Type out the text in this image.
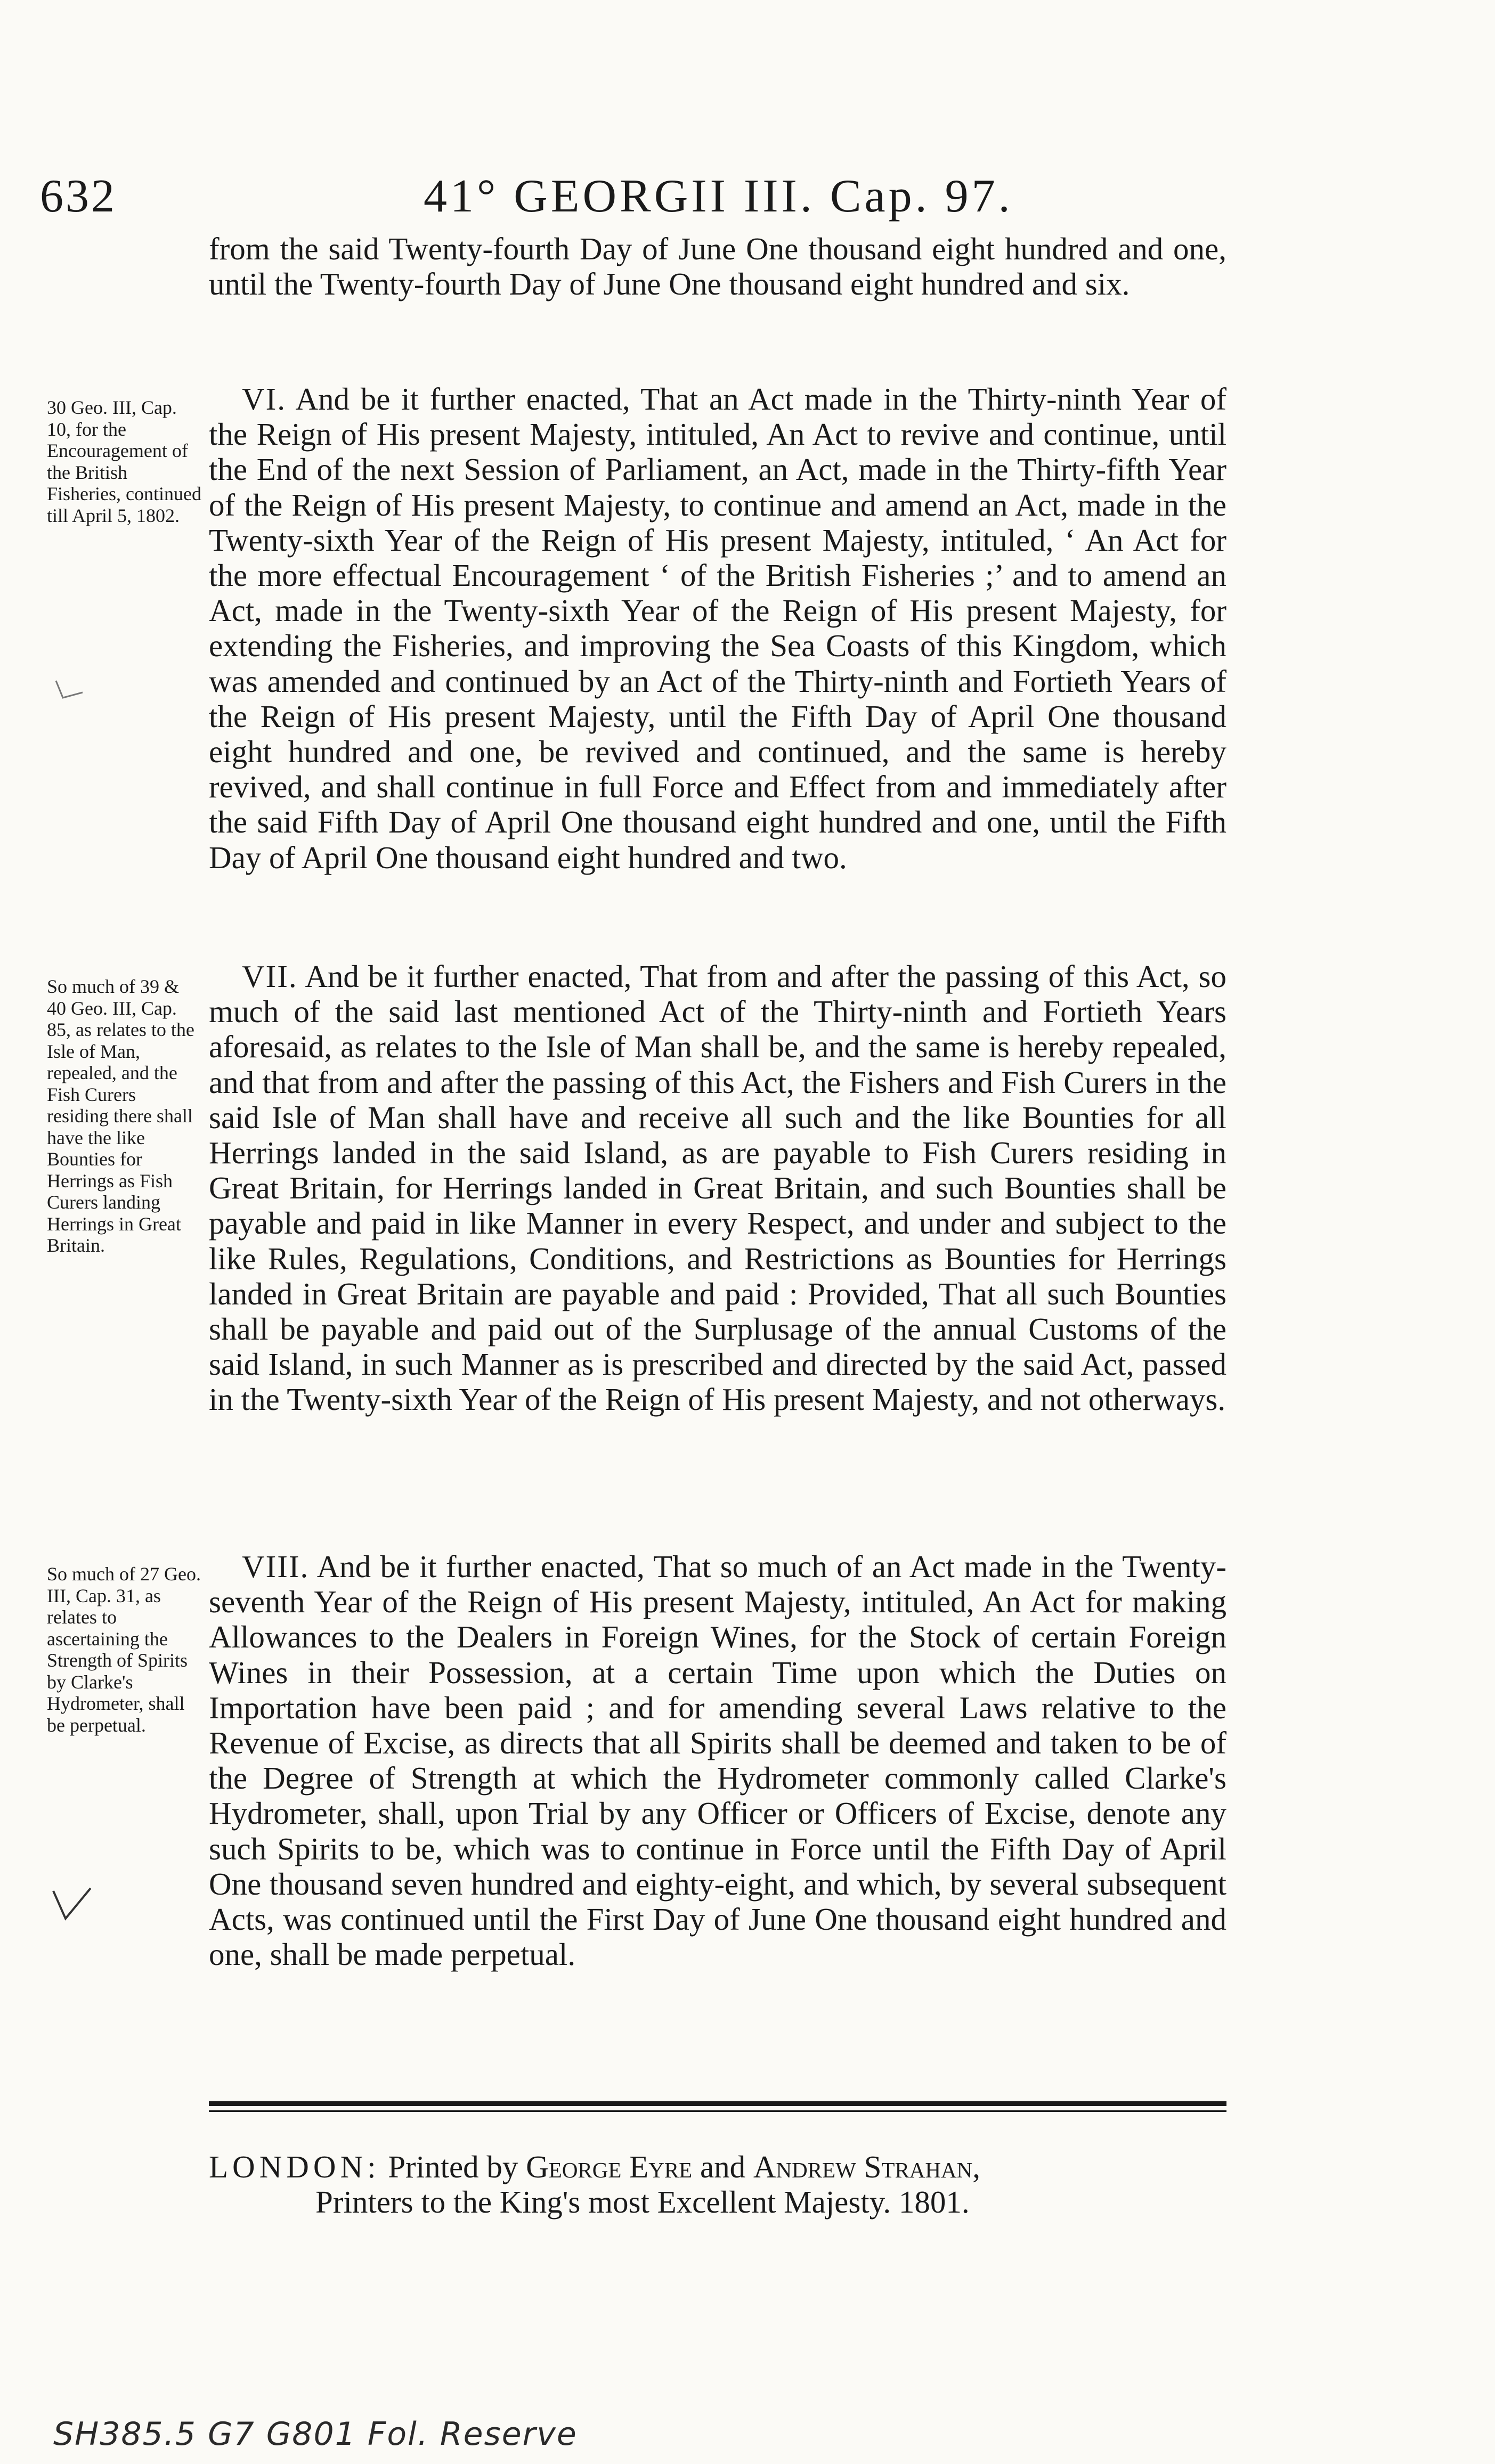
632	41° GEORGII III. Cap. 97.
from the said Twenty-fourth Day of June One thousand eight hundred and one, until the Twenty-fourth Day of June One thousand eight hundred and six.
30 Geo. III, Cap. 10, for the Encouragement of the British Fisheries, continued till April 5, 1802.
VI. And be it further enacted, That an Act made in the Thirty-ninth Year of the Reign of His present Majesty, intituled, An Act to revive and continue, until the End of the next Session of Parliament, an Act, made in the Thirty-fifth Year of the Reign of His present Majesty, to continue and amend an Act, made in the Twenty-sixth Year of the Reign of His present Majesty, intituled, ‘ An Act for the more effectual Encouragement ‘ of the British Fisheries ;’ and to amend an Act, made in the Twenty-sixth Year of the Reign of His present Majesty, for extending the Fisheries, and improving the Sea Coasts of this Kingdom, which was amended and continued by an Act of the Thirty-ninth and Fortieth Years of the Reign of His present Majesty, until the Fifth Day of April One thousand eight hundred and one, be revived and continued, and the same is hereby revived, and shall continue in full Force and Effect from and immediately after the said Fifth Day of April One thousand eight hundred and one, until the Fifth Day of April One thousand eight hundred and two.
So much of 39 & 40 Geo. III, Cap. 85, as relates to the Isle of Man, repealed, and the Fish Curers residing there shall have the like Bounties for Herrings as Fish Curers landing Herrings in Great Britain.
VII. And be it further enacted, That from and after the passing of this Act, so much of the said last mentioned Act of the Thirty-ninth and Fortieth Years aforesaid, as relates to the Isle of Man shall be, and the same is hereby repealed, and that from and after the passing of this Act, the Fishers and Fish Curers in the said Isle of Man shall have and receive all such and the like Bounties for all Herrings landed in the said Island, as are payable to Fish Curers residing in Great Britain, for Herrings landed in Great Britain, and such Bounties shall be payable and paid in like Manner in every Respect, and under and subject to the like Rules, Regulations, Conditions, and Restrictions as Bounties for Herrings landed in Great Britain are payable and paid : Provided, That all such Bounties shall be payable and paid out of the Surplusage of the annual Customs of the said Island, in such Manner as is prescribed and directed by the said Act, passed in the Twenty-sixth Year of the Reign of His present Majesty, and not otherways.
So much of 27 Geo. III, Cap. 31, as relates to ascertaining the Strength of Spirits by Clarke's Hydrometer, shall be perpetual.
VIII. And be it further enacted, That so much of an Act made in the Twenty-seventh Year of the Reign of His present Majesty, intituled, An Act for making Allowances to the Dealers in Foreign Wines, for the Stock of certain Foreign Wines in their Possession, at a certain Time upon which the Duties on Importation have been paid ; and for amending several Laws relative to the Revenue of Excise, as directs that all Spirits shall be deemed and taken to be of the Degree of Strength at which the Hydrometer commonly called Clarke's Hydrometer, shall, upon Trial by any Officer or Officers of Excise, denote any such Spirits to be, which was to continue in Force until the Fifth Day of April One thousand seven hundred and eighty-eight, and which, by several subsequent Acts, was continued until the First Day of June One thousand eight hundred and one, shall be made perpetual.
LONDON: Printed by George Eyre and Andrew Strahan,
Printers to the King's most Excellent Majesty. 1801.
SH385.5 G7 G801 Fol. Reserve
